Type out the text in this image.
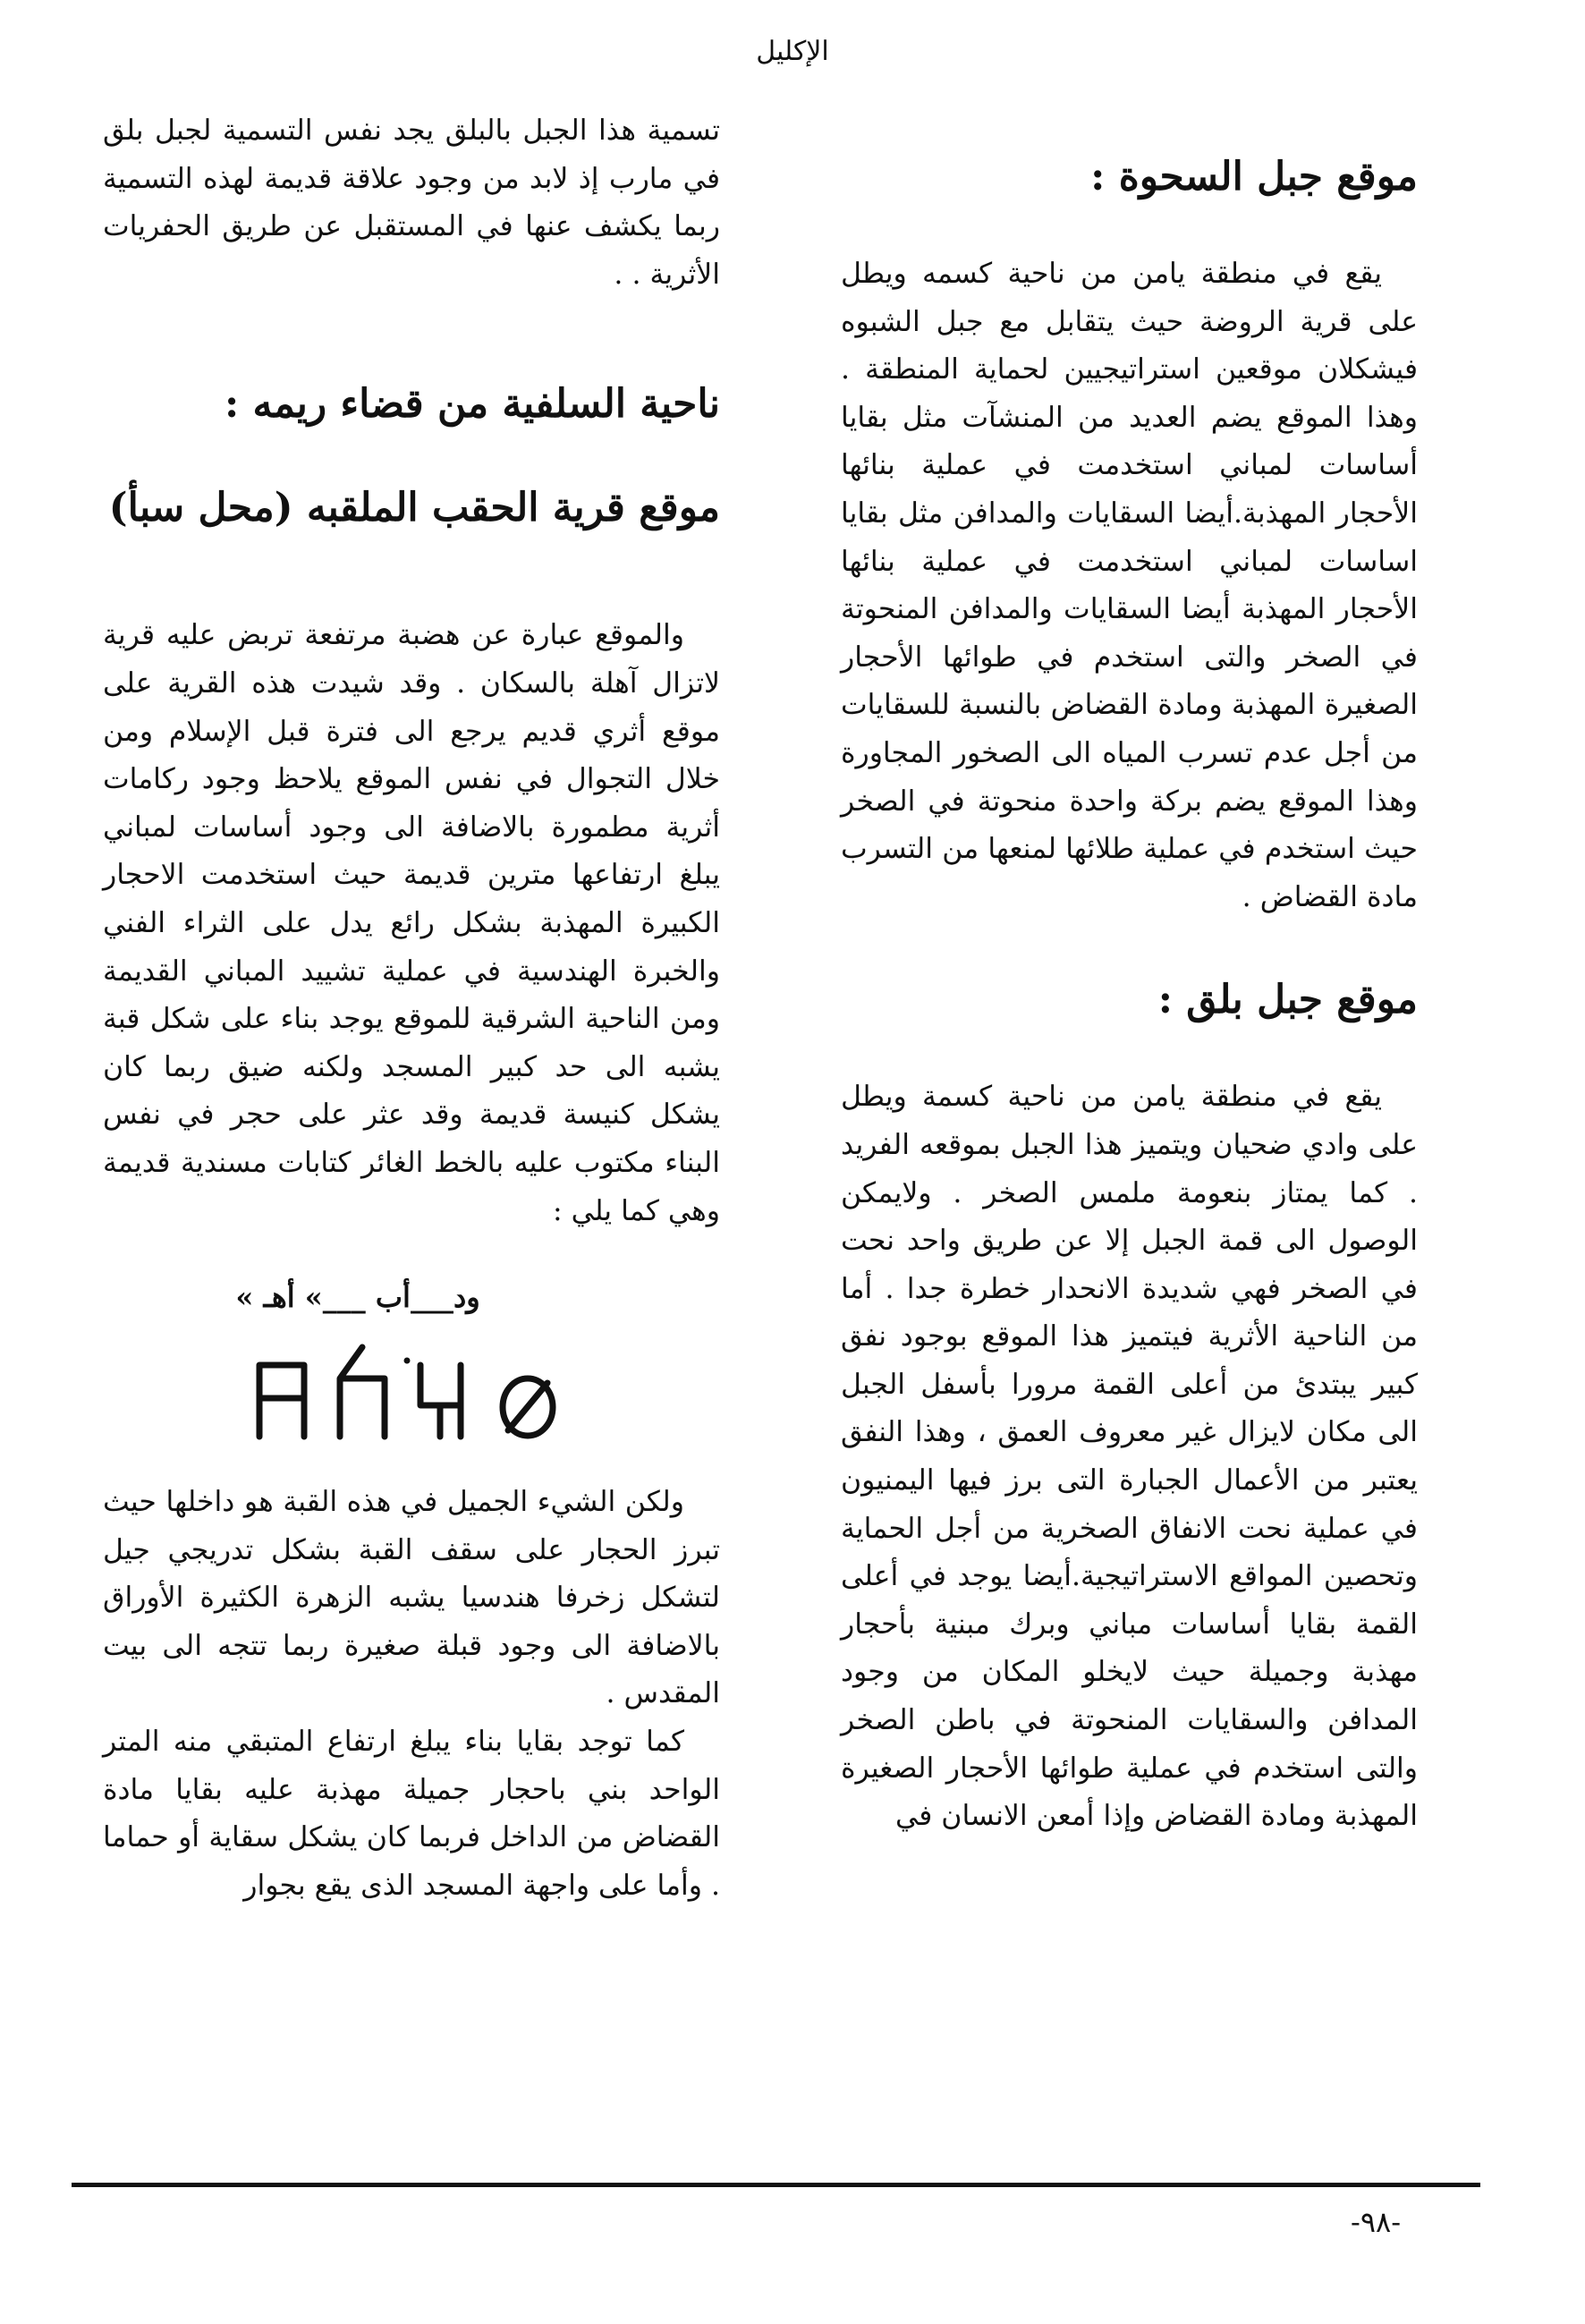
الإكليل

موقع جبل السحوة :

يقع في منطقة يامن من ناحية كسمه ويطل على قرية الروضة حيث يتقابل مع جبل الشبوه فيشكلان موقعين استراتيجيين لحماية المنطقة . وهذا الموقع يضم العديد من المنشآت مثل بقايا أساسات لمباني استخدمت في عملية بنائها الأحجار المهذبة.أيضا السقايات والمدافن مثل بقايا اساسات لمباني استخدمت في عملية بنائها الأحجار المهذبة أيضا السقايات والمدافن المنحوتة في الصخر والتى استخدم في طوائها الأحجار الصغيرة المهذبة ومادة القضاض بالنسبة للسقايات من أجل عدم تسرب المياه الى الصخور المجاورة وهذا الموقع يضم بركة واحدة منحوتة في الصخر حيث استخدم في عملية طلائها لمنعها من التسرب مادة القضاض .

موقع جبل بلق :

يقع في منطقة يامن من ناحية كسمة ويطل على وادي ضحيان ويتميز هذا الجبل بموقعه الفريد . كما يمتاز بنعومة ملمس الصخر . ولايمكن الوصول الى قمة الجبل إلا عن طريق واحد نحت في الصخر فهي شديدة الانحدار خطرة جدا . أما من الناحية الأثرية فيتميز هذا الموقع بوجود نفق كبير يبتدئ من أعلى القمة مرورا بأسفل الجبل الى مكان لايزال غير معروف العمق ، وهذا النفق يعتبر من الأعمال الجبارة التى برز فيها اليمنيون في عملية نحت الانفاق الصخرية من أجل الحماية وتحصين المواقع الاستراتيجية.أيضا يوجد في أعلى القمة بقايا أساسات مباني وبرك مبنية بأحجار مهذبة وجميلة حيث لايخلو المكان من وجود المدافن والسقايات المنحوتة في باطن الصخر والتى استخدم في عملية طوائها الأحجار الصغيرة المهذبة ومادة القضاض وإذا أمعن الانسان في

تسمية هذا الجبل بالبلق يجد نفس التسمية لجبل بلق في مارب إذ لابد من وجود علاقة قديمة لهذه التسمية ربما يكشف عنها في المستقبل عن طريق الحفريات الأثرية . .

ناحية السلفية من قضاء ريمه :

موقع قرية الحقب الملقبه (محل سبأ)

والموقع عبارة عن هضبة مرتفعة تربض عليه قرية لاتزال آهلة بالسكان . وقد شيدت هذه القرية على موقع أثري قديم يرجع الى فترة قبل الإسلام ومن خلال التجوال في نفس الموقع يلاحظ وجود ركامات أثرية مطمورة بالاضافة الى وجود أساسات لمباني يبلغ ارتفاعها مترين قديمة حيث استخدمت الاحجار الكبيرة المهذبة بشكل رائع يدل على الثراء الفني والخبرة الهندسية في عملية تشييد المباني القديمة ومن الناحية الشرقية للموقع يوجد بناء على شكل قبة يشبه الى حد كبير المسجد ولكنه ضيق ربما كان يشكل كنيسة قديمة وقد عثر على حجر في نفس البناء مكتوب عليه بالخط الغائر كتابات مسندية قديمة وهي كما يلي :

ود___أب ___» أهـ »

ولكن الشيء الجميل في هذه القبة هو داخلها حيث تبرز الحجار على سقف القبة بشكل تدريجي جيل لتشكل زخرفا هندسيا يشبه الزهرة الكثيرة الأوراق بالاضافة الى وجود قبلة صغيرة ربما تتجه الى بيت المقدس .

كما توجد بقايا بناء يبلغ ارتفاع المتبقي منه المتر الواحد بني باحجار جميلة مهذبة عليه بقايا مادة القضاض من الداخل فربما كان يشكل سقاية أو حماما . وأما على واجهة المسجد الذى يقع بجوار

-٩٨-
